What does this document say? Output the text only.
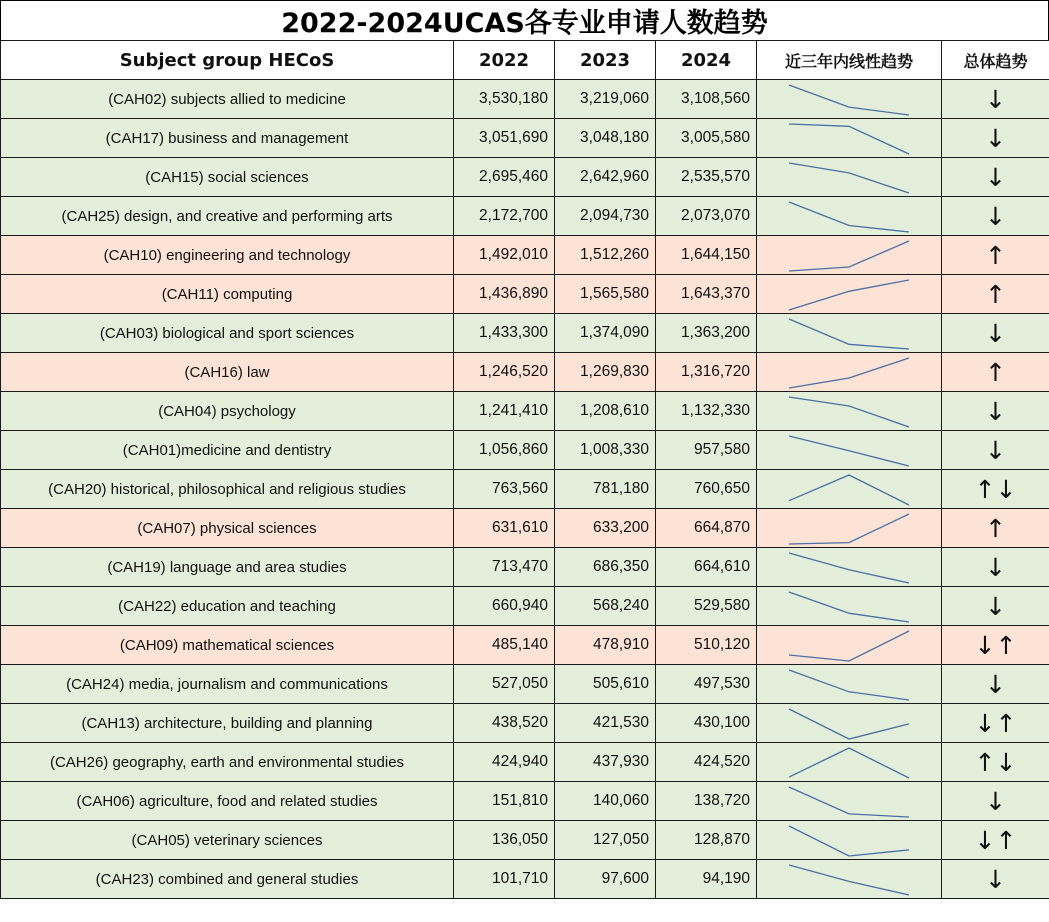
2022-2024UCAS各专业申请人数趋势
Subject group HECoS	2022	2023	2024	近三年内线性趋势	总体趋势
(CAH02) subjects allied to medicine	3,530,180	3,219,060	3,108,560		↓
(CAH17) business and management	3,051,690	3,048,180	3,005,580		↓
(CAH15) social sciences	2,695,460	2,642,960	2,535,570		↓
(CAH25) design, and creative and performing arts	2,172,700	2,094,730	2,073,070		↓
(CAH10) engineering and technology	1,492,010	1,512,260	1,644,150		↑
(CAH11) computing	1,436,890	1,565,580	1,643,370		↑
(CAH03) biological and sport sciences	1,433,300	1,374,090	1,363,200		↓
(CAH16) law	1,246,520	1,269,830	1,316,720		↑
(CAH04) psychology	1,241,410	1,208,610	1,132,330		↓
(CAH01)medicine and dentistry	1,056,860	1,008,330	957,580		↓
(CAH20) historical, philosophical and religious studies	763,560	781,180	760,650		↑↓
(CAH07) physical sciences	631,610	633,200	664,870		↑
(CAH19) language and area studies	713,470	686,350	664,610		↓
(CAH22) education and teaching	660,940	568,240	529,580		↓
(CAH09) mathematical sciences	485,140	478,910	510,120		↓↑
(CAH24) media, journalism and communications	527,050	505,610	497,530		↓
(CAH13) architecture, building and planning	438,520	421,530	430,100		↓↑
(CAH26) geography, earth and environmental studies	424,940	437,930	424,520		↑↓
(CAH06) agriculture, food and related studies	151,810	140,060	138,720		↓
(CAH05) veterinary sciences	136,050	127,050	128,870		↓↑
(CAH23) combined and general studies	101,710	97,600	94,190		↓
